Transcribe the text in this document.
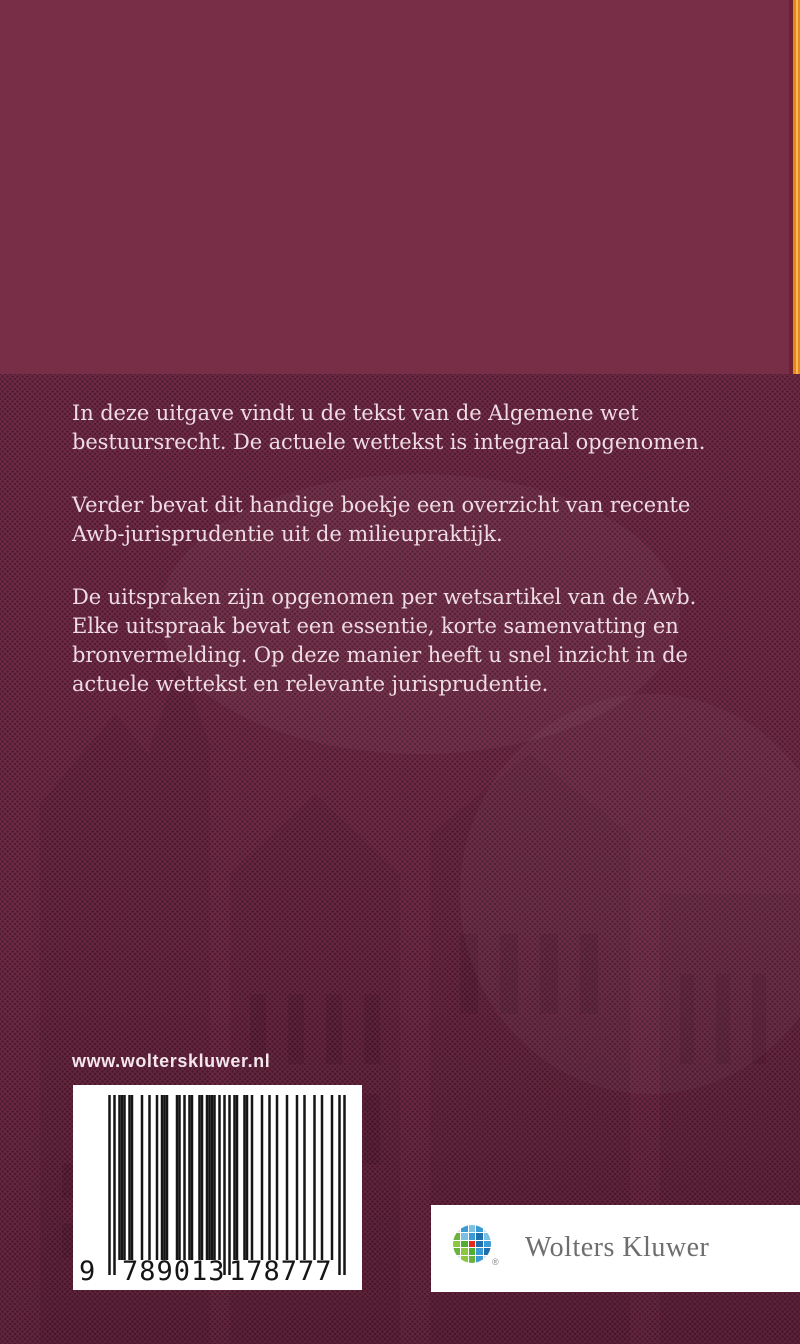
In deze uitgave vindt u de tekst van de Algemene wet
bestuursrecht. De actuele wettekst is integraal opgenomen.
Verder bevat dit handige boekje een overzicht van recente
Awb-jurisprudentie uit de milieupraktijk.
De uitspraken zijn opgenomen per wetsartikel van de Awb.
Elke uitspraak bevat een essentie, korte samenvatting en
bronvermelding. Op deze manier heeft u snel inzicht in de
actuele wettekst en relevante jurisprudentie.
www.wolterskluwer.nl
9 789013 178777	® Wolters Kluwer
